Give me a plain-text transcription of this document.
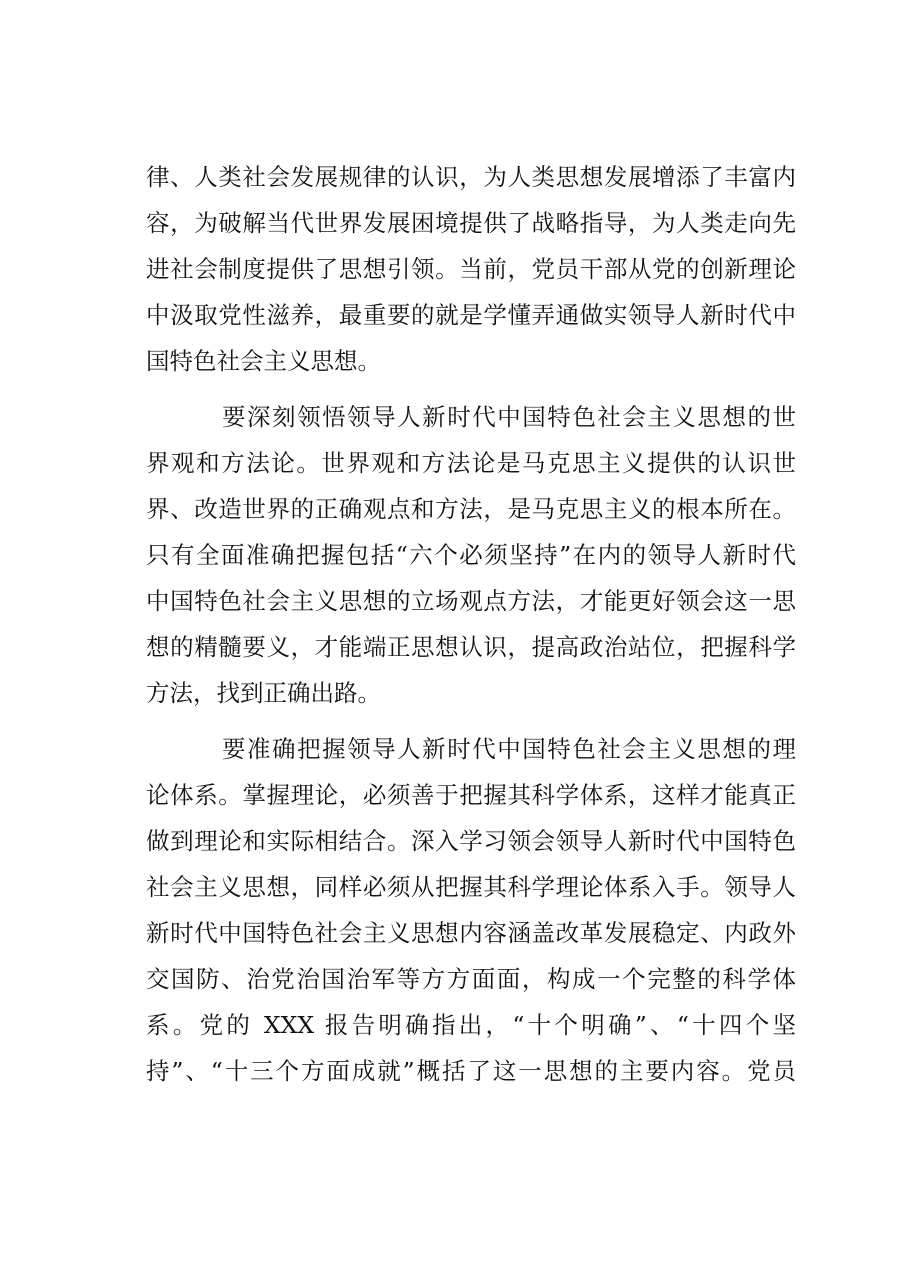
律、人类社会发展规律的认识，为人类思想发展增添了丰富内
容，为破解当代世界发展困境提供了战略指导，为人类走向先
进社会制度提供了思想引领。当前，党员干部从党的创新理论
中汲取党性滋养，最重要的就是学懂弄通做实领导人新时代中
国特色社会主义思想。
要深刻领悟领导人新时代中国特色社会主义思想的世
界观和方法论。世界观和方法论是马克思主义提供的认识世
界、改造世界的正确观点和方法，是马克思主义的根本所在。
只有全面准确把握包括“六个必须坚持”在内的领导人新时代
中国特色社会主义思想的立场观点方法，才能更好领会这一思
想的精髓要义，才能端正思想认识，提高政治站位，把握科学
方法，找到正确出路。
要准确把握领导人新时代中国特色社会主义思想的理
论体系。掌握理论，必须善于把握其科学体系，这样才能真正
做到理论和实际相结合。深入学习领会领导人新时代中国特色
社会主义思想，同样必须从把握其科学理论体系入手。领导人
新时代中国特色社会主义思想内容涵盖改革发展稳定、内政外
交国防、治党治国治军等方方面面，构成一个完整的科学体
系。党的 XXX 报告明确指出，“十个明确”、“十四个坚
持”、“十三个方面成就”概括了这一思想的主要内容。党员
